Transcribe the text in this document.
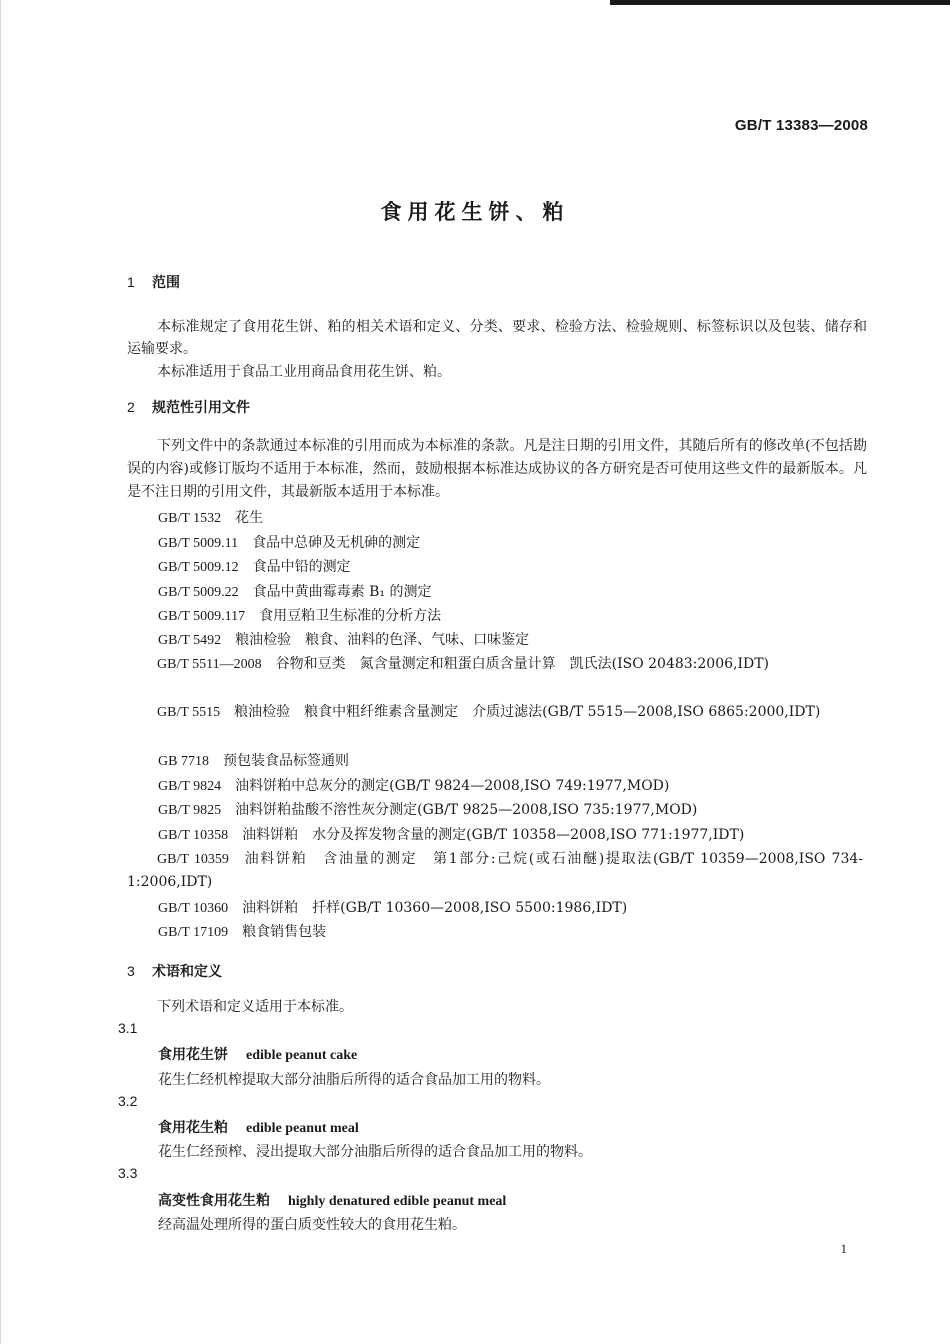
GB/T 13383—2008
食用花生饼、粕
1 范围
本标准规定了食用花生饼、粕的相关术语和定义、分类、要求、检验方法、检验规则、标签标识以及包装、储存和运输要求。
本标准适用于食品工业用商品食用花生饼、粕。
2 规范性引用文件
下列文件中的条款通过本标准的引用而成为本标准的条款。凡是注日期的引用文件，其随后所有的修改单(不包括勘误的内容)或修订版均不适用于本标准，然而，鼓励根据本标准达成协议的各方研究是否可使用这些文件的最新版本。凡是不注日期的引用文件，其最新版本适用于本标准。
GB/T 1532 花生
GB/T 5009.11 食品中总砷及无机砷的测定
GB/T 5009.12 食品中铅的测定
GB/T 5009.22 食品中黄曲霉毒素 B₁ 的测定
GB/T 5009.117 食用豆粕卫生标准的分析方法
GB/T 5492 粮油检验　粮食、油料的色泽、气味、口味鉴定
GB/T 5511—2008 谷物和豆类　氮含量测定和粗蛋白质含量计算　凯氏法(ISO 20483:2006,IDT)
GB/T 5515 粮油检验　粮食中粗纤维素含量测定　介质过滤法(GB/T 5515—2008,ISO 6865:2000,IDT)
GB 7718 预包装食品标签通则
GB/T 9824 油料饼粕中总灰分的测定(GB/T 9824—2008,ISO 749:1977,MOD)
GB/T 9825 油料饼粕盐酸不溶性灰分测定(GB/T 9825—2008,ISO 735:1977,MOD)
GB/T 10358 油料饼粕　水分及挥发物含量的测定(GB/T 10358—2008,ISO 771:1977,IDT)
GB/T 10359 油料饼粕　含油量的测定　第1部分:己烷(或石油醚)提取法(GB/T 10359—2008,ISO 734-1:2006,IDT)
GB/T 10360 油料饼粕　扦样(GB/T 10360—2008,ISO 5500:1986,IDT)
GB/T 17109 粮食销售包装
3 术语和定义
下列术语和定义适用于本标准。
3.1
食用花生饼 edible peanut cake
花生仁经机榨提取大部分油脂后所得的适合食品加工用的物料。
3.2
食用花生粕 edible peanut meal
花生仁经预榨、浸出提取大部分油脂后所得的适合食品加工用的物料。
3.3
高变性食用花生粕 highly denatured edible peanut meal
经高温处理所得的蛋白质变性较大的食用花生粕。
1
